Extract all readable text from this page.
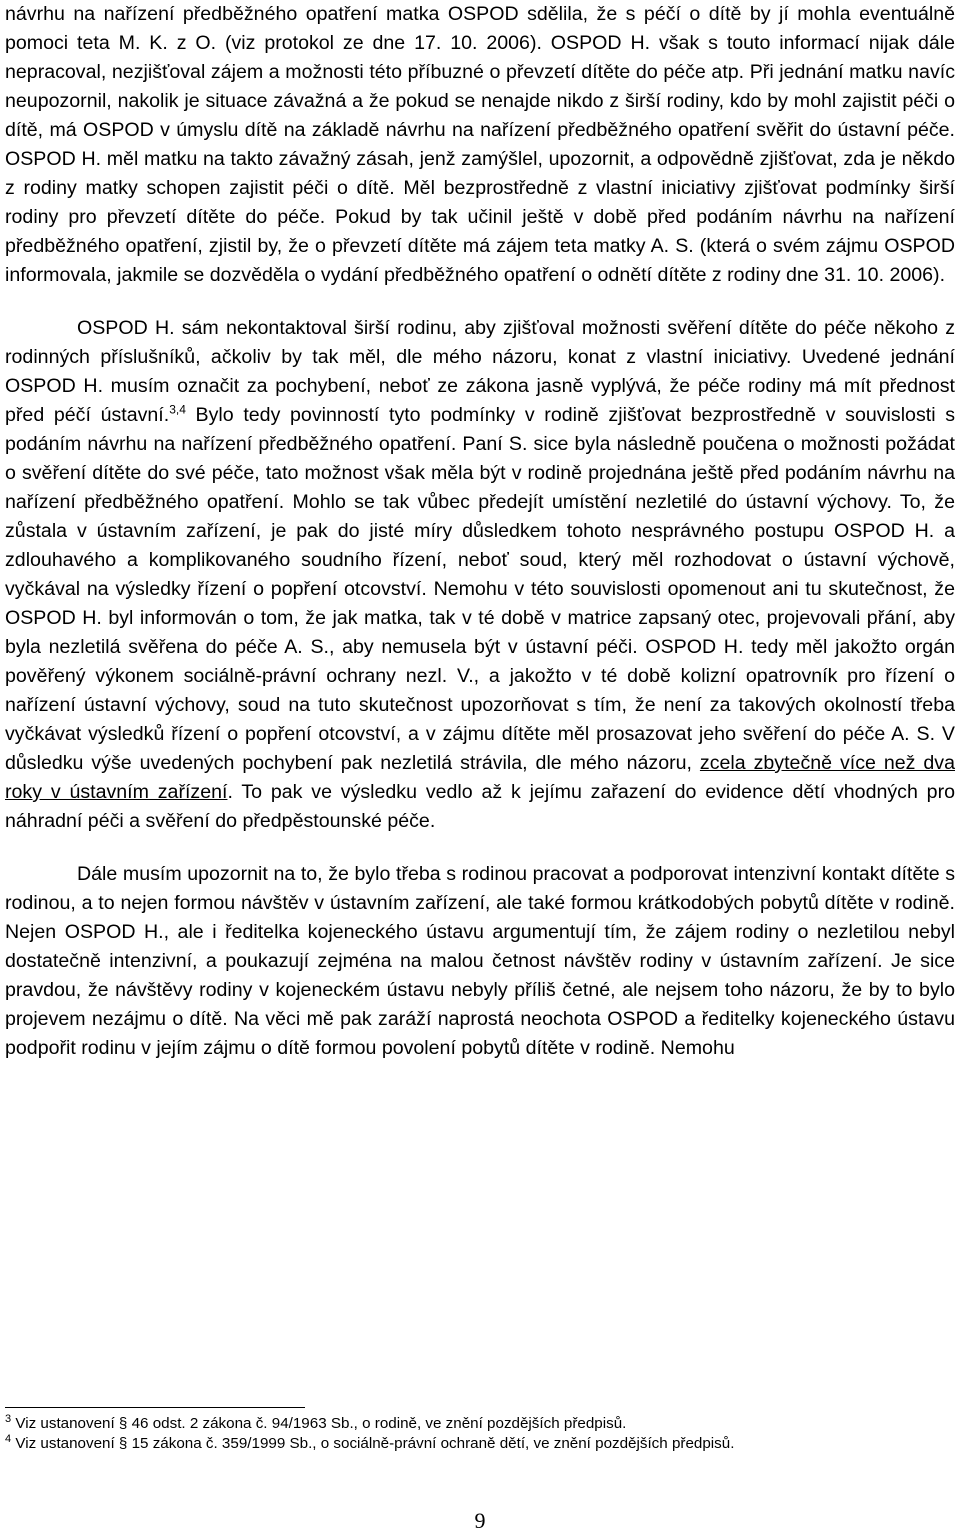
návrhu na nařízení předběžného opatření matka OSPOD sdělila, že s péčí o dítě by jí mohla eventuálně pomoci teta M. K. z O. (viz protokol ze dne 17. 10. 2006). OSPOD H. však s touto informací nijak dále nepracoval, nezjišťoval zájem a možnosti této příbuzné o převzetí dítěte do péče atp. Při jednání matku navíc neupozornil, nakolik je situace závažná a že pokud se nenajde nikdo z širší rodiny, kdo by mohl zajistit péči o dítě, má OSPOD v úmyslu dítě na základě návrhu na nařízení předběžného opatření svěřit do ústavní péče. OSPOD H. měl matku na takto závažný zásah, jenž zamýšlel, upozornit, a odpovědně zjišťovat, zda je někdo z rodiny matky schopen zajistit péči o dítě. Měl bezprostředně z vlastní iniciativy zjišťovat podmínky širší rodiny pro převzetí dítěte do péče. Pokud by tak učinil ještě v době před podáním návrhu na nařízení předběžného opatření, zjistil by, že o převzetí dítěte má zájem teta matky A. S. (která o svém zájmu OSPOD informovala, jakmile se dozvěděla o vydání předběžného opatření o odnětí dítěte z rodiny dne 31. 10. 2006).

OSPOD H. sám nekontaktoval širší rodinu, aby zjišťoval možnosti svěření dítěte do péče někoho z rodinných příslušníků, ačkoliv by tak měl, dle mého názoru, konat z vlastní iniciativy. Uvedené jednání OSPOD H. musím označit za pochybení, neboť ze zákona jasně vyplývá, že péče rodiny má mít přednost před péčí ústavní.$^{3,4}$ Bylo tedy povinností tyto podmínky v rodině zjišťovat bezprostředně v souvislosti s podáním návrhu na nařízení předběžného opatření. Paní S. sice byla následně poučena o možnosti požádat o svěření dítěte do své péče, tato možnost však měla být v rodině projednána ještě před podáním návrhu na nařízení předběžného opatření. Mohlo se tak vůbec předejít umístění nezletilé do ústavní výchovy. To, že zůstala v ústavním zařízení, je pak do jisté míry důsledkem tohoto nesprávného postupu OSPOD H. a zdlouhavého a komplikovaného soudního řízení, neboť soud, který měl rozhodovat o ústavní výchově, vyčkával na výsledky řízení o popření otcovství. Nemohu v této souvislosti opomenout ani tu skutečnost, že OSPOD H. byl informován o tom, že jak matka, tak v té době v matrice zapsaný otec, projevovali přání, aby byla nezletilá svěřena do péče A. S., aby nemusela být v ústavní péči. OSPOD H. tedy měl jakožto orgán pověřený výkonem sociálně-právní ochrany nezl. V., a jakožto v té době kolizní opatrovník pro řízení o nařízení ústavní výchovy, soud na tuto skutečnost upozorňovat s tím, že není za takových okolností třeba vyčkávat výsledků řízení o popření otcovství, a v zájmu dítěte měl prosazovat jeho svěření do péče A. S. V důsledku výše uvedených pochybení pak nezletilá strávila, dle mého názoru, zcela zbytečně více než dva roky v ústavním zařízení. To pak ve výsledku vedlo až k jejímu zařazení do evidence dětí vhodných pro náhradní péči a svěření do předpěstounské péče.

Dále musím upozornit na to, že bylo třeba s rodinou pracovat a podporovat intenzivní kontakt dítěte s rodinou, a to nejen formou návštěv v ústavním zařízení, ale také formou krátkodobých pobytů dítěte v rodině. Nejen OSPOD H., ale i ředitelka kojeneckého ústavu argumentují tím, že zájem rodiny o nezletilou nebyl dostatečně intenzivní, a poukazují zejména na malou četnost návštěv rodiny v ústavním zařízení. Je sice pravdou, že návštěvy rodiny v kojeneckém ústavu nebyly příliš četné, ale nejsem toho názoru, že by to bylo projevem nezájmu o dítě. Na věci mě pak zaráží naprostá neochota OSPOD a ředitelky kojeneckého ústavu podpořit rodinu v jejím zájmu o dítě formou povolení pobytů dítěte v rodině. Nemohu

$^3$ Viz ustanovení § 46 odst. 2 zákona č. 94/1963 Sb., o rodině, ve znění pozdějších předpisů.
$^4$ Viz ustanovení § 15 zákona č. 359/1999 Sb., o sociálně-právní ochraně dětí, ve znění pozdějších předpisů.
9
